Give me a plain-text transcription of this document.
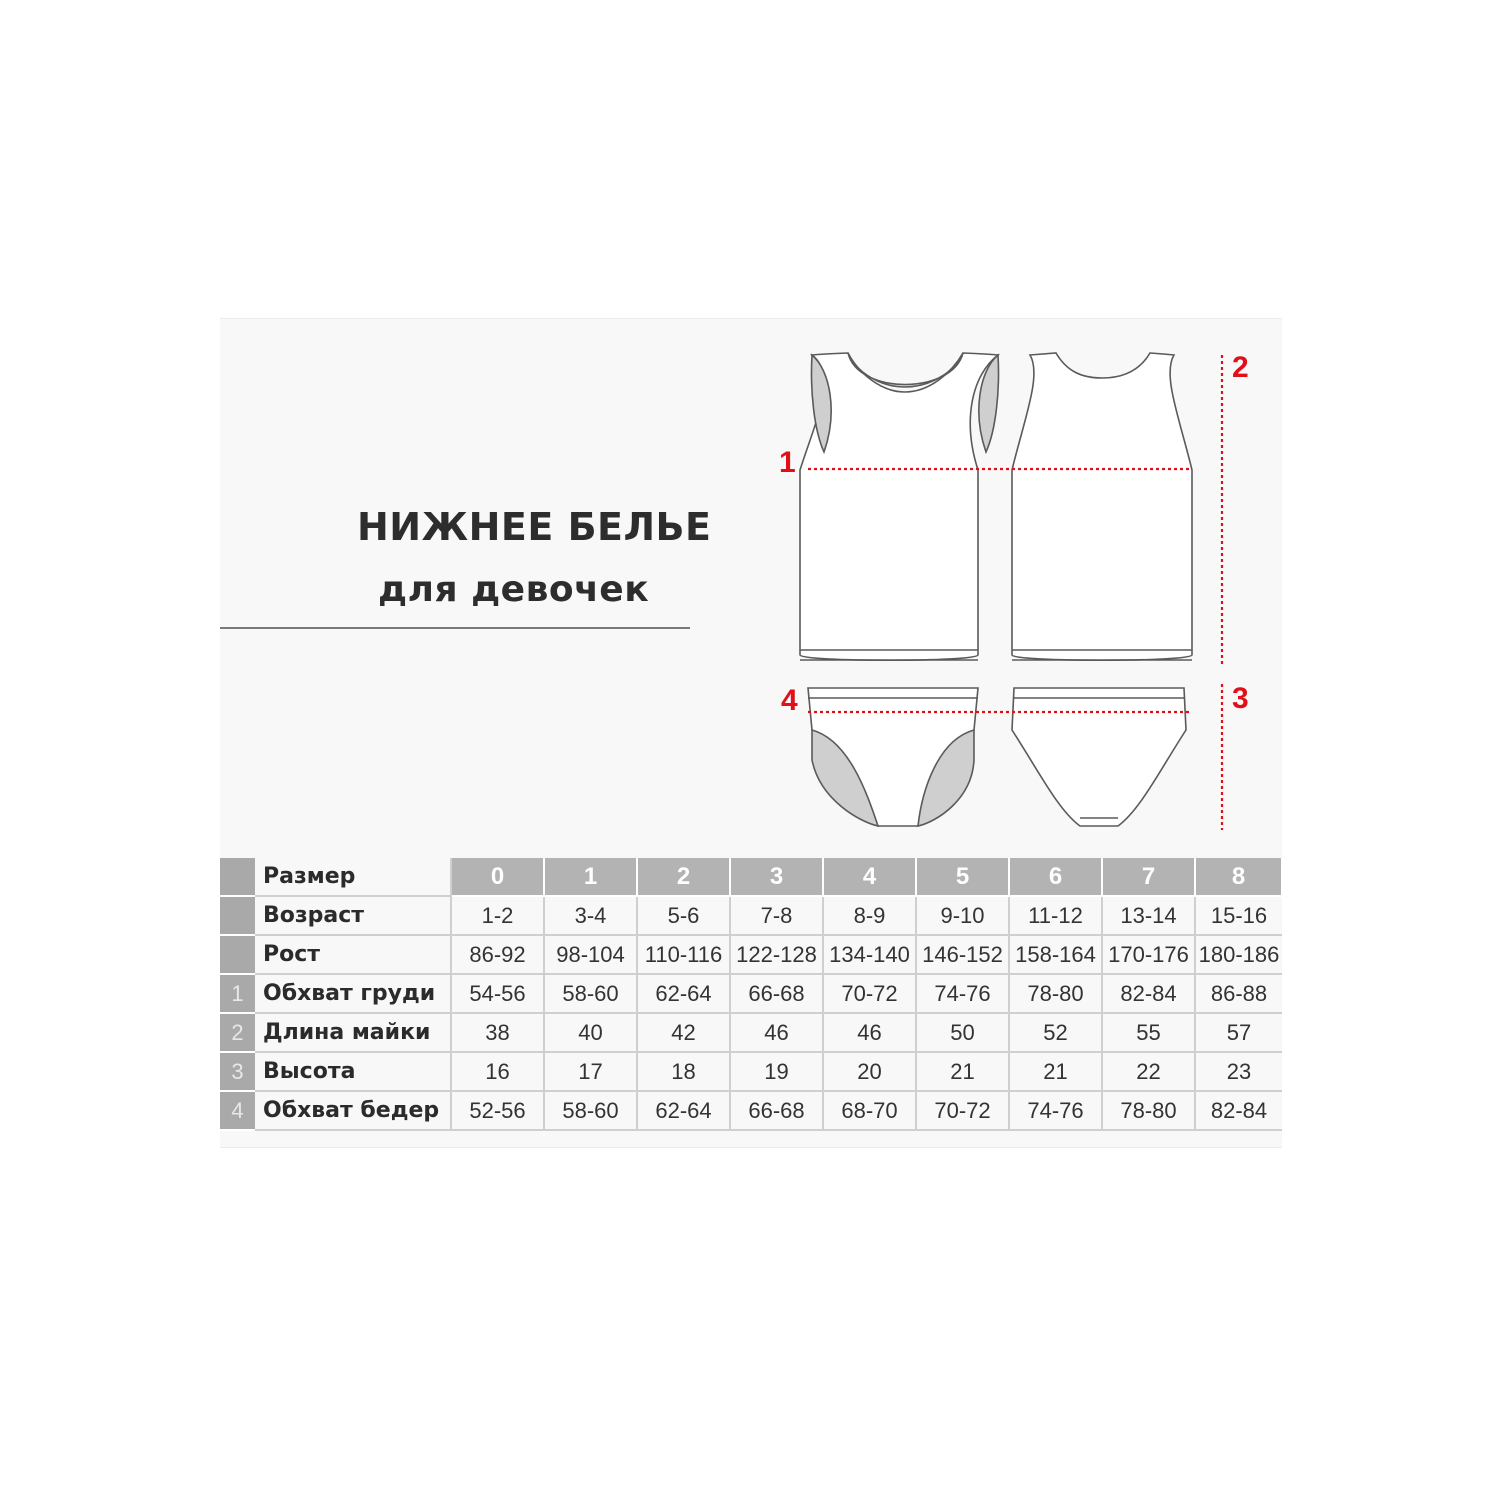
НИЖНЕЕ БЕЛЬЕ
для девочек
1
2
3
4
	Размер	0	1	2	3	4	5	6	7	8
	Возраст	1-2	3-4	5-6	7-8	8-9	9-10	11-12	13-14	15-16
	Рост	86-92	98-104	110-116	122-128	134-140	146-152	158-164	170-176	180-186
1	Обхват груди	54-56	58-60	62-64	66-68	70-72	74-76	78-80	82-84	86-88
2	Длина майки	38	40	42	46	46	50	52	55	57
3	Высота	16	17	18	19	20	21	21	22	23
4	Обхват бедер	52-56	58-60	62-64	66-68	68-70	70-72	74-76	78-80	82-84
